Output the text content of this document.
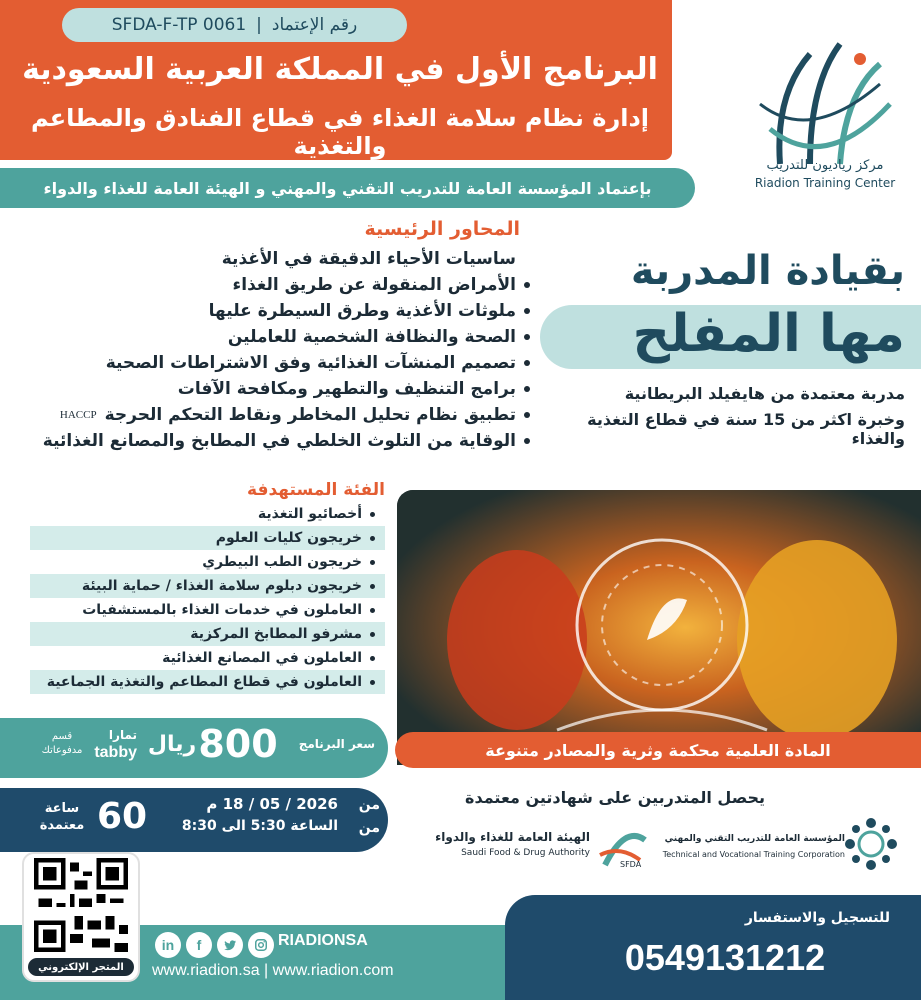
SFDA-F-TP 0061 | رقم الإعتماد
البرنامج الأول في المملكة العربية السعودية
إدارة نظام سلامة الغذاء في قطاع الفنادق والمطاعم والتغذية
مركز رياديون للتدريب
Riadion Training Center
بإعتماد المؤسسة العامة للتدريب التقني والمهني و الهيئة العامة للغذاء والدواء
المحاور الرئيسية
ساسيات الأحياء الدقيقة في الأغذية
الأمراض المنقولة عن طريق الغذاء
ملوثات الأغذية وطرق السيطرة عليها
الصحة والنظافة الشخصية للعاملين
تصميم المنشآت الغذائية وفق الاشتراطات الصحية
برامج التنظيف والتطهير ومكافحة الآفات
HACCP تطبيق نظام تحليل المخاطر ونقاط التحكم الحرجة
الوقاية من التلوث الخلطي في المطابخ والمصانع الغذائية
بقيادة المدربة
مها المفلح
مدربة معتمدة من هايفيلد البريطانية
وخبرة اكثر من 15 سنة في قطاع التغذية والغذاء
الفئة المستهدفة
أخصائيو التغذية
خريجون كليات العلوم
خريجون الطب البيطري
خريجون دبلوم سلامة الغذاء / حماية البيئة
العاملون في خدمات الغذاء بالمستشفيات
مشرفو المطابخ المركزية
العاملون في المصانع الغذائية
العاملون في قطاع المطاعم والتغذية الجماعية
المادة العلمية محكمة وثرية والمصادر متنوعة
سعر البرنامج
800
ريال
تمارا
tabby
قسم مدفوعاتك
من
من
2026 / 05 / 18 م
الساعة 5:30 الى 8:30
60
ساعة معتمدة
يحصل المتدربين على شهادتين معتمدة
SFDA
الهيئة العامة للغذاء والدواء
Saudi Food & Drug Authority
المؤسسة العامة للتدريب التقني والمهني
Technical and Vocational Training Corporation
للتسجيل والاستفسار
0549131212
المتجر الإلكتروني
in	f	RIADIONSA
www.riadion.sa | www.riadion.com
